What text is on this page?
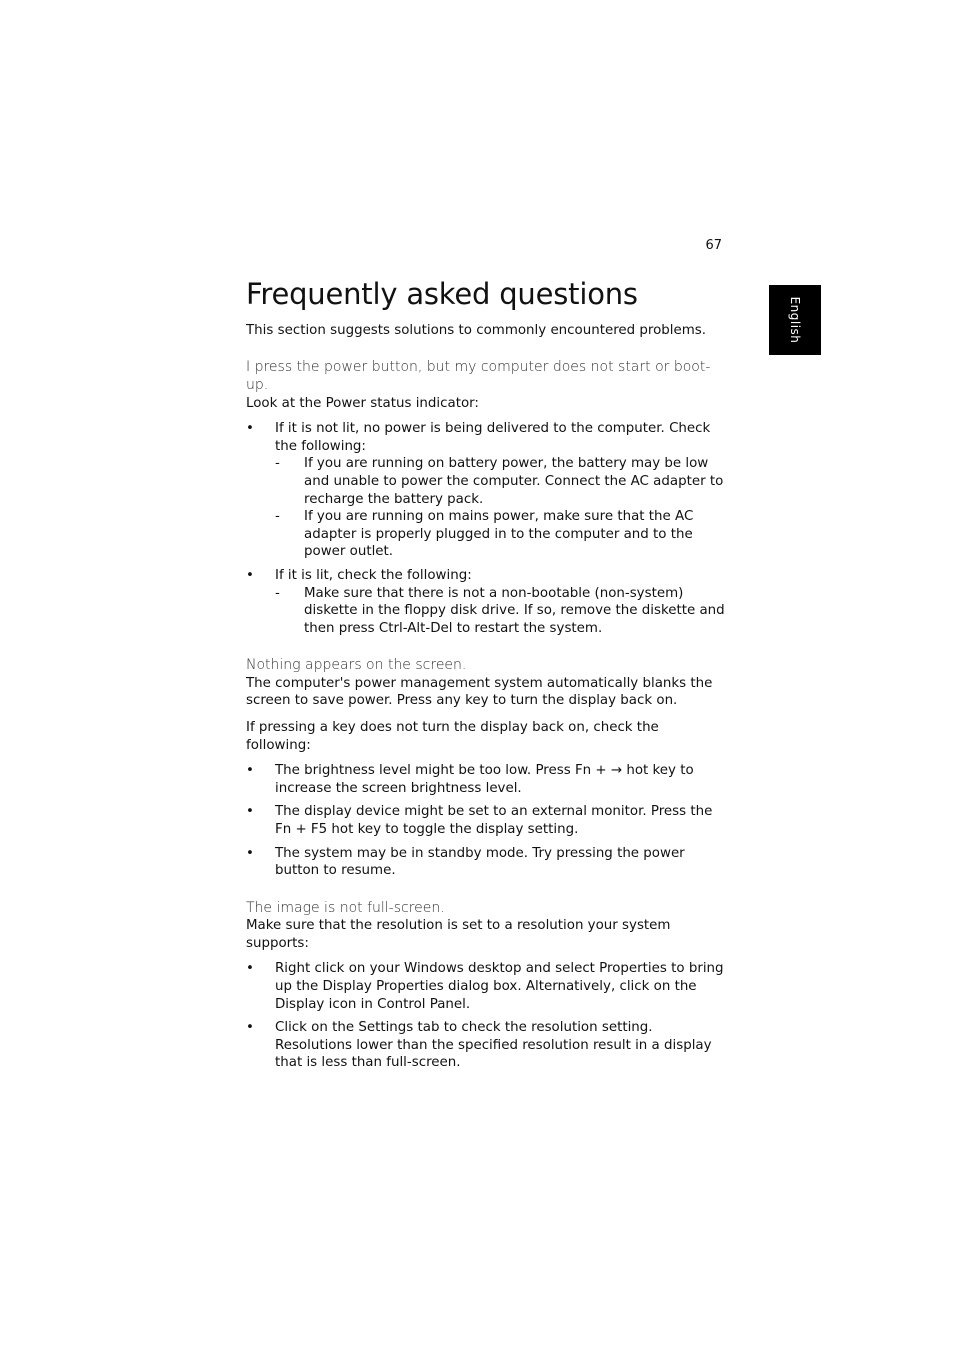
67
English
Frequently asked questions

This section suggests solutions to commonly encountered problems.

I press the power button, but my computer does not start or boot-up.

Look at the Power status indicator:

• If it is not lit, no power is being delivered to the computer. Check the following:
- If you are running on battery power, the battery may be low and unable to power the computer. Connect the AC adapter to recharge the battery pack.
- If you are running on mains power, make sure that the AC adapter is properly plugged in to the computer and to the power outlet.
• If it is lit, check the following:
- Make sure that there is not a non-bootable (non-system) diskette in the floppy disk drive. If so, remove the diskette and then press Ctrl-Alt-Del to restart the system.

Nothing appears on the screen.

The computer's power management system automatically blanks the screen to save power. Press any key to turn the display back on.

If pressing a key does not turn the display back on, check the following:

• The brightness level might be too low. Press Fn + → hot key to increase the screen brightness level.
• The display device might be set to an external monitor. Press the Fn + F5 hot key to toggle the display setting.
• The system may be in standby mode. Try pressing the power button to resume.

The image is not full-screen.

Make sure that the resolution is set to a resolution your system supports:

• Right click on your Windows desktop and select Properties to bring up the Display Properties dialog box. Alternatively, click on the Display icon in Control Panel.
• Click on the Settings tab to check the resolution setting. Resolutions lower than the specified resolution result in a display that is less than full-screen.
